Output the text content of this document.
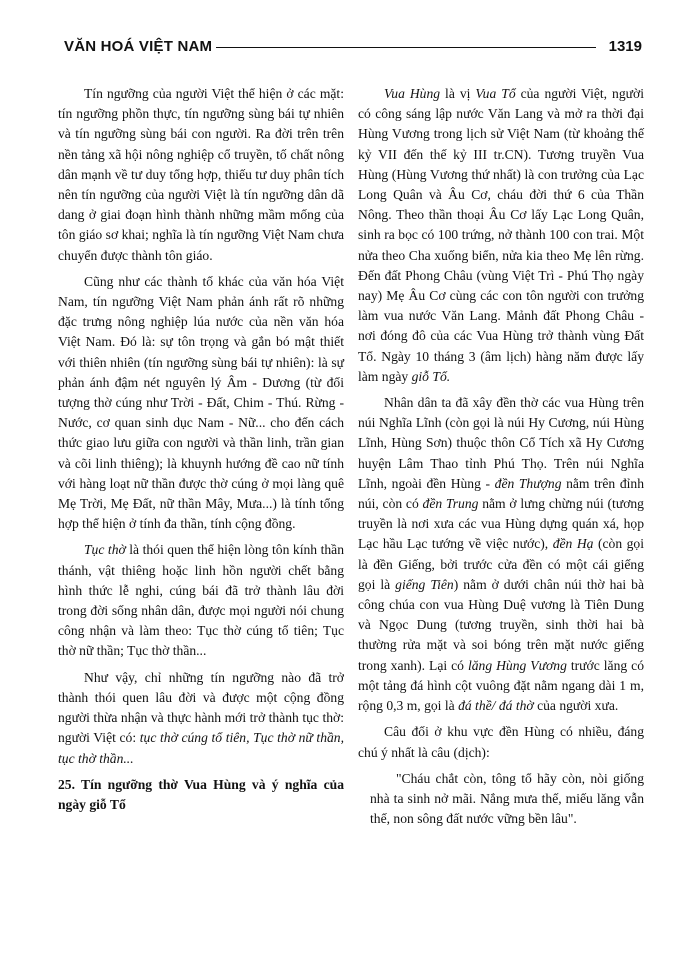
VĂN HOÁ VIỆT NAM	1319

Tín ngưỡng của người Việt thể hiện ở các mặt: tín ngưỡng phồn thực, tín ngưỡng sùng bái tự nhiên và tín ngưỡng sùng bái con người. Ra đời trên trên nền tảng xã hội nông nghiệp cổ truyền, tố chất nông dân mạnh về tư duy tổng hợp, thiếu tư duy phân tích nên tín ngưỡng của người Việt là tín ngưỡng dân dã dang ở giai đoạn hình thành những mầm mống của tôn giáo sơ khai; nghĩa là tín ngưỡng Việt Nam chưa chuyển được thành tôn giáo.

Cũng như các thành tố khác của văn hóa Việt Nam, tín ngưỡng Việt Nam phản ánh rất rõ những đặc trưng nông nghiệp lúa nước của nền văn hóa Việt Nam. Đó là: sự tôn trọng và gắn bó mật thiết với thiên nhiên (tín ngưỡng sùng bái tự nhiên): là sự phản ánh đậm nét nguyên lý Âm - Dương (từ đối tượng thờ cúng như Trời - Đất, Chim - Thú. Rừng - Nước, cơ quan sinh dục Nam - Nữ... cho đến cách thức giao lưu giữa con người và thần linh, trần gian và cõi linh thiêng); là khuynh hướng đề cao nữ tính với hàng loạt nữ thần được thờ cúng ở mọi làng quê Mẹ Trời, Mẹ Đất, nữ thần Mây, Mưa...) là tính tổng hợp thể hiện ở tính đa thần, tính cộng đồng.

Tục thờ là thói quen thể hiện lòng tôn kính thần thánh, vật thiêng hoặc linh hồn người chết bằng hình thức lễ nghi, cúng bái đã trở thành lâu đời trong đời sống nhân dân, được mọi người nói chung công nhận và làm theo: Tục thờ cúng tổ tiên; Tục thờ nữ thần; Tục thờ thần...

Như vậy, chỉ những tín ngưỡng nào đã trở thành thói quen lâu đời và được một cộng đồng người thừa nhận và thực hành mới trở thành tục thờ: người Việt có: tục thờ cúng tổ tiên, Tục thờ nữ thần, tục thờ thần...

25. Tín ngưỡng thờ Vua Hùng và ý nghĩa của ngày giỗ Tổ

Vua Hùng là vị Vua Tổ của người Việt, người có công sáng lập nước Văn Lang và mở ra thời đại Hùng Vương trong lịch sử Việt Nam (từ khoảng thế kỷ VII đến thế kỷ III tr.CN). Tương truyền Vua Hùng (Hùng Vương thứ nhất) là con trưởng của Lạc Long Quân và Âu Cơ, cháu đời thứ 6 của Thần Nông. Theo thần thoại Âu Cơ lấy Lạc Long Quân, sinh ra bọc có 100 trứng, nở thành 100 con trai. Một nửa theo Cha xuống biển, nửa kia theo Mẹ lên rừng. Đến đất Phong Châu (vùng Việt Trì - Phú Thọ ngày nay) Mẹ Âu Cơ cùng các con tôn người con trưởng làm vua nước Văn Lang. Mảnh đất Phong Châu - nơi đóng đô của các Vua Hùng trở thành vùng Đất Tổ. Ngày 10 tháng 3 (âm lịch) hàng năm được lấy làm ngày giỗ Tổ.

Nhân dân ta đã xây đền thờ các vua Hùng trên núi Nghĩa Lĩnh (còn gọi là núi Hy Cương, núi Hùng Lĩnh, Hùng Sơn) thuộc thôn Cổ Tích xã Hy Cương huyện Lâm Thao tỉnh Phú Thọ. Trên núi Nghĩa Lĩnh, ngoài đền Hùng - đền Thượng nằm trên đỉnh núi, còn có đền Trung nằm ở lưng chừng núi (tương truyền là nơi xưa các vua Hùng dựng quán xá, họp Lạc hầu Lạc tướng về việc nước), đền Hạ (còn gọi là đền Giếng, bởi trước cửa đền có một cái giếng gọi là giếng Tiên) nằm ở dưới chân núi thờ hai bà công chúa con vua Hùng Duệ vương là Tiên Dung và Ngọc Dung (tương truyền, sinh thời hai bà thường rửa mặt và soi bóng trên mặt nước giếng trong xanh). Lại có lăng Hùng Vương trước lăng có một tảng đá hình cột vuông đặt nằm ngang dài 1 m, rộng 0,3 m, gọi là đá thề/ đá thờ của người xưa.

Câu đối ở khu vực đền Hùng có nhiều, đáng chú ý nhất là câu (dịch):

"Cháu chắt còn, tông tổ hãy còn, nòi giống nhà ta sinh nở mãi. Nắng mưa thế, miếu lăng vẫn thế, non sông đất nước vững bền lâu".
